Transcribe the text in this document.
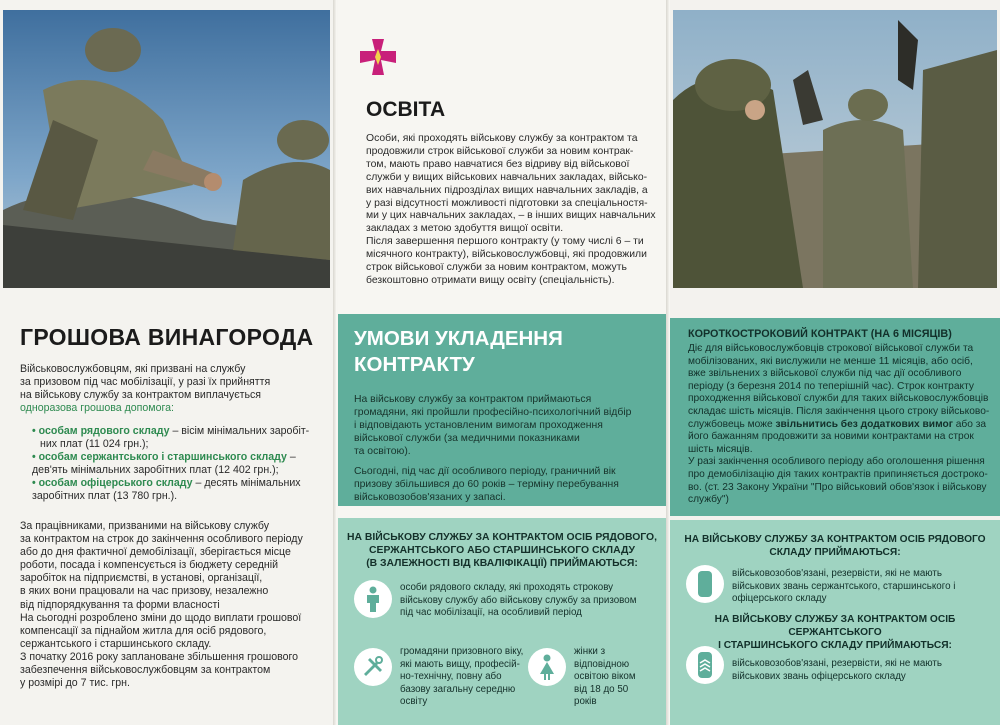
ГРОШОВА ВИНАГОРОДА

Військовослужбовцям, які призвані на службу

за призовом під час мобілізації, у разі їх прийняття

на військову службу за контрактом виплачується

одноразова грошова допомога:

• особам рядового складу – вісім мінімальних заробіт-

них плат (11 024 грн.);

• особам сержантського і старшинського складу –

дев'ять мінімальних заробітних плат (12 402 грн.);

• особам офіцерського складу – десять мінімальних

заробітних плат (13 780 грн.).

За працівниками, призваними на військову службу

за контрактом на строк до закінчення особливого періоду

або до дня фактичної демобілізації, зберігається місце

роботи, посада і компенсується із бюджету середній

заробіток на підприємстві, в установі, організації,

в яких вони працювали на час призову, незалежно

від підпорядкування та форми власності

На сьогодні розроблено зміни до щодо виплати грошової

компенсації за піднайом житла для осіб рядового,

сержантського і старшинського складу.

З початку 2016 року заплановане збільшення грошового

забезпечення військовослужбовцям за контрактом

у розмірі до 7 тис. грн.

ОСВІТА

Особи, які проходять військову службу за контрактом та

продовжили строк військової служби за новим контрак-

том, мають право навчатися без відриву від військової

служби у вищих військових навчальних закладах, військо-

вих навчальних підрозділах вищих навчальних закладів, а

у разі відсутності можливості підготовки за спеціальностя-

ми у цих навчальних закладах, – в інших вищих навчальних

закладах з метою здобуття вищої освіти.

Після завершення першого контракту (у тому числі 6 – ти

місячного контракту), військовослужбовці, які продовжили

строк військової служби за новим контрактом, можуть

безкоштовно отримати вищу освіту (спеціальність).

УМОВИ УКЛАДЕННЯ
КОНТРАКТУ

На військову службу за контрактом приймаються

громадяни, які пройшли професійно-психологічний відбір

і відповідають установленим вимогам проходження

військової служби (за медичними показниками

та освітою).

Сьогодні, під час дії особливого періоду, граничний вік

призову збільшився до 60 років – терміну перебування

військовозобов'язаних у запасі.

НА ВІЙСЬКОВУ СЛУЖБУ ЗА КОНТРАКТОМ ОСІБ РЯДОВОГО,

СЕРЖАНТСЬКОГО АБО СТАРШИНСЬКОГО СКЛАДУ

(В ЗАЛЕЖНОСТІ ВІД КВАЛІФІКАЦІЇ) ПРИЙМАЮТЬСЯ:

особи рядового складу, які проходять строкову

військову службу або військову службу за призовом

під час мобілізації, на особливий період

громадяни призовного віку,

які мають вищу, професій-

но-технічну, повну або

базову загальну середню

освіту

жінки з

відповідною

освітою віком

від 18 до 50

років

КОРОТКОСТРОКОВИЙ КОНТРАКТ (НА 6 МІСЯЦІВ)

Діє для військовослужбовців строкової військової служби та

мобілізованих, які вислужили не менше 11 місяців, або осіб,

вже звільнених з військової служби під час дії особливого

періоду (з березня 2014 по теперішній час). Строк контракту

проходження військової служби для таких військовослужбовців

складає шість місяців. Після закінчення цього строку військово-

службовець може звільнитись без додаткових вимог або за

його бажанням продовжити за новими контрактами на строк

шість місяців.

У разі закінчення особливого періоду або оголошення рішення

про демобілізацію дія таких контрактів припиняється достроко-

во. (ст. 23 Закону України "Про військовий обов'язок і військову

службу")

НА ВІЙСЬКОВУ СЛУЖБУ ЗА КОНТРАКТОМ ОСІБ РЯДОВОГО

СКЛАДУ ПРИЙМАЮТЬСЯ:

військовозобов'язані, резервісти, які не мають

військових звань сержантського, старшинського і

офіцерського складу

НА ВІЙСЬКОВУ СЛУЖБУ ЗА КОНТРАКТОМ ОСІБ СЕРЖАНТСЬКОГО

І СТАРШИНСЬКОГО СКЛАДУ ПРИЙМАЮТЬСЯ:

військовозобов'язані, резервісти, які не мають

військових звань офіцерського складу
